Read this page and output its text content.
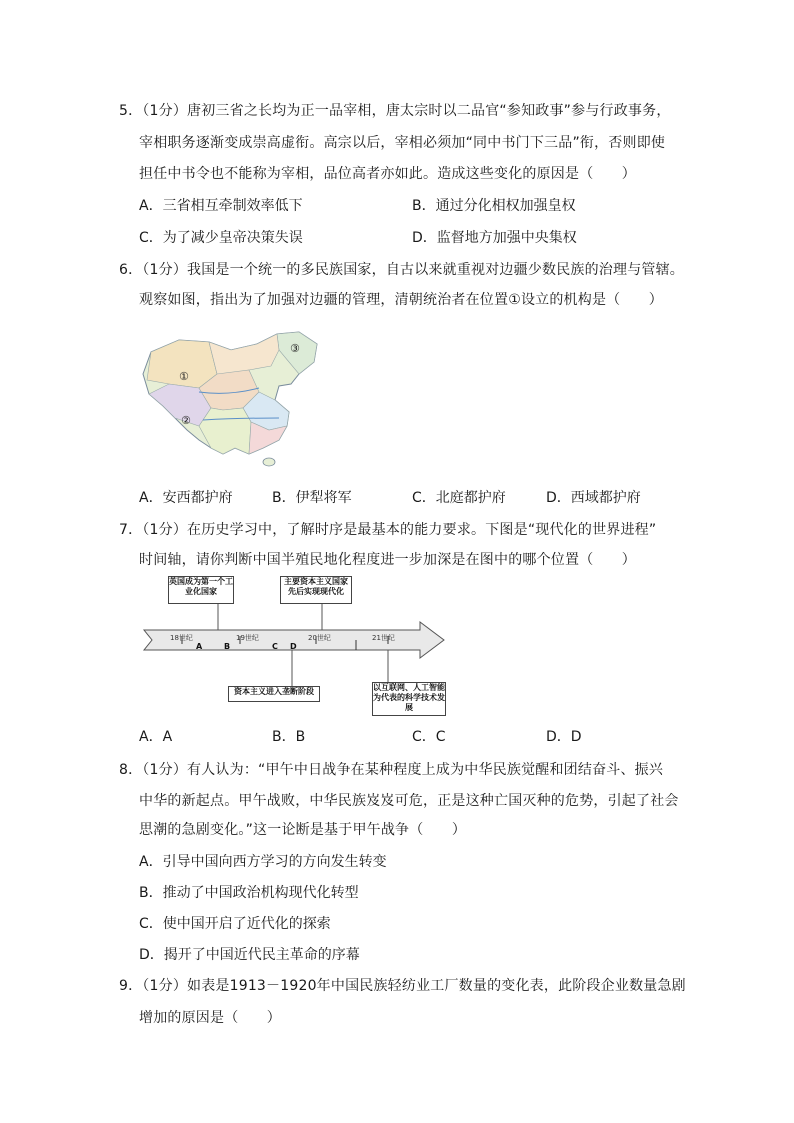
5．（1分）唐初三省之长均为正一品宰相，唐太宗时以二品官“参知政事”参与行政事务，
宰相职务逐渐变成崇高虚衔。高宗以后，宰相必须加“同中书门下三品”衔，否则即使
担任中书令也不能称为宰相，品位高者亦如此。造成这些变化的原因是（　　）
A．三省相互牵制效率低下	B．通过分化相权加强皇权
C．为了减少皇帝决策失误	D．监督地方加强中央集权
6．（1分）我国是一个统一的多民族国家，自古以来就重视对边疆少数民族的治理与管辖。
观察如图，指出为了加强对边疆的管理，清朝统治者在位置①设立的机构是（　　）
①
②
③
A．安西都护府	B．伊犁将军	C．北庭都护府	D．西域都护府
7．（1分）在历史学习中，了解时序是最基本的能力要求。下图是“现代化的世界进程”
时间轴，请你判断中国半殖民地化程度进一步加深是在图中的哪个位置（　　）
英国成为第一个工业化国家
主要资本主义国家先后实现现代化
资本主义进入垄断阶段	以互联网、人工智能为代表的科学技术发展
18世纪	19世纪	20世纪	21世纪
A	B	C D
A．A	B．B	C．C	D．D
8．（1分）有人认为：“甲午中日战争在某种程度上成为中华民族觉醒和团结奋斗、振兴
中华的新起点。甲午战败，中华民族岌岌可危，正是这种亡国灭种的危势，引起了社会
思潮的急剧变化。”这一论断是基于甲午战争（　　）
A．引导中国向西方学习的方向发生转变
B．推动了中国政治机构现代化转型
C．使中国开启了近代化的探索
D．揭开了中国近代民主革命的序幕
9．（1分）如表是1913－1920年中国民族轻纺业工厂数量的变化表，此阶段企业数量急剧
增加的原因是（　　）
